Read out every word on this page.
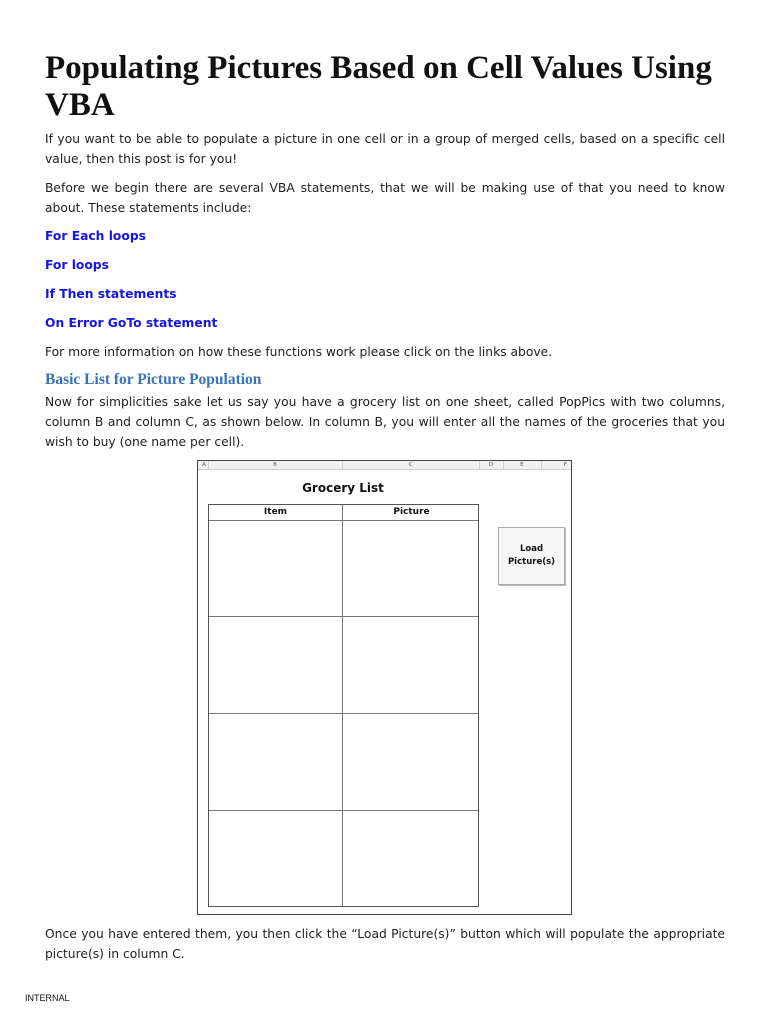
Populating Pictures Based on Cell Values Using VBA

If you want to be able to populate a picture in one cell or in a group of merged cells, based on a specific cell value, then this post is for you!

Before we begin there are several VBA statements, that we will be making use of that you need to know about. These statements include:

For Each loops
For loops
If Then statements
On Error GoTo statement

For more information on how these functions work please click on the links above.

Basic List for Picture Population

Now for simplicities sake let us say you have a grocery list on one sheet, called PopPics with two columns, column B and column C, as shown below. In column B, you will enter all the names of the groceries that you wish to buy (one name per cell).

A	B	C	D	E	F
Grocery List
Item	Picture
Load Picture(s)

Once you have entered them, you then click the “Load Picture(s)” button which will populate the appropriate picture(s) in column C.

INTERNAL
